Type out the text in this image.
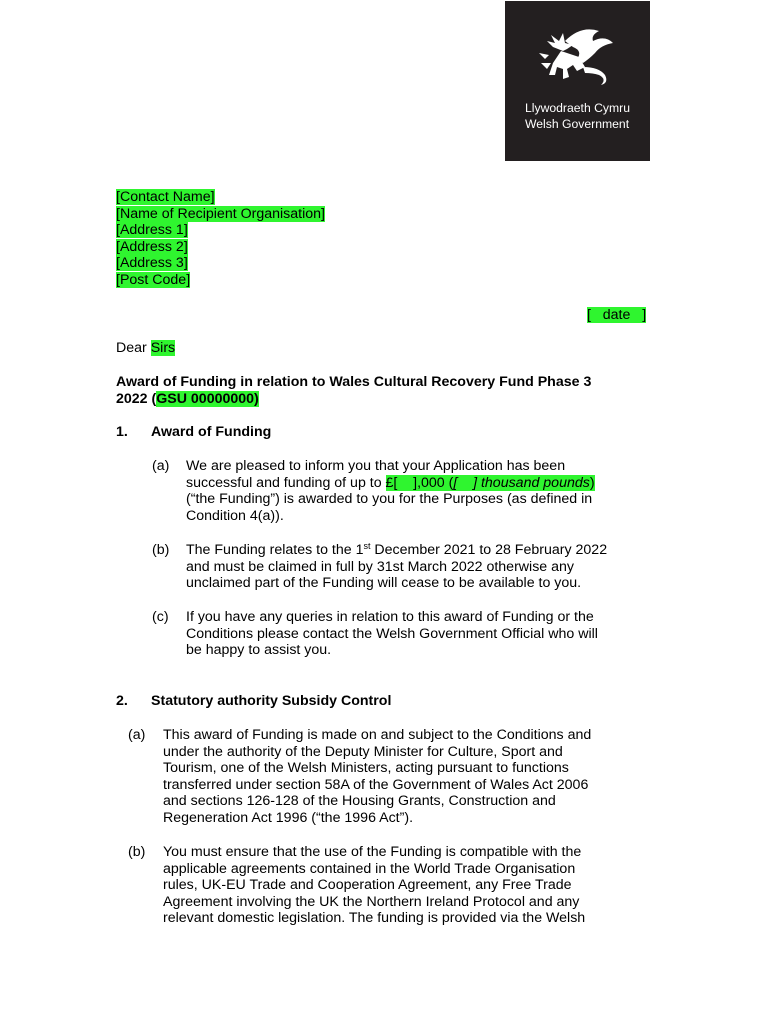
Llywodraeth Cymru
Welsh Government
[Contact Name]
[Name of Recipient Organisation]
[Address 1]
[Address 2]
[Address 3]
[Post Code]
[   date   ]
Dear Sirs
Award of Funding in relation to Wales Cultural Recovery Fund Phase 3
2022 (GSU 00000000)
1. Award of Funding
(a) We are pleased to inform you that your Application has been
successful and funding of up to £[    ],000 ([    ] thousand pounds)
(“the Funding”) is awarded to you for the Purposes (as defined in
Condition 4(a)).
(b) The Funding relates to the 1st December 2021 to 28 February 2022
and must be claimed in full by 31st March 2022 otherwise any
unclaimed part of the Funding will cease to be available to you.
(c) If you have any queries in relation to this award of Funding or the
Conditions please contact the Welsh Government Official who will
be happy to assist you.
2. Statutory authority Subsidy Control
(a) This award of Funding is made on and subject to the Conditions and
under the authority of the Deputy Minister for Culture, Sport and
Tourism, one of the Welsh Ministers, acting pursuant to functions
transferred under section 58A of the Government of Wales Act 2006
and sections 126-128 of the Housing Grants, Construction and
Regeneration Act 1996 (“the 1996 Act”).
(b) You must ensure that the use of the Funding is compatible with the
applicable agreements contained in the World Trade Organisation
rules, UK-EU Trade and Cooperation Agreement, any Free Trade
Agreement involving the UK the Northern Ireland Protocol and any
relevant domestic legislation. The funding is provided via the Welsh
